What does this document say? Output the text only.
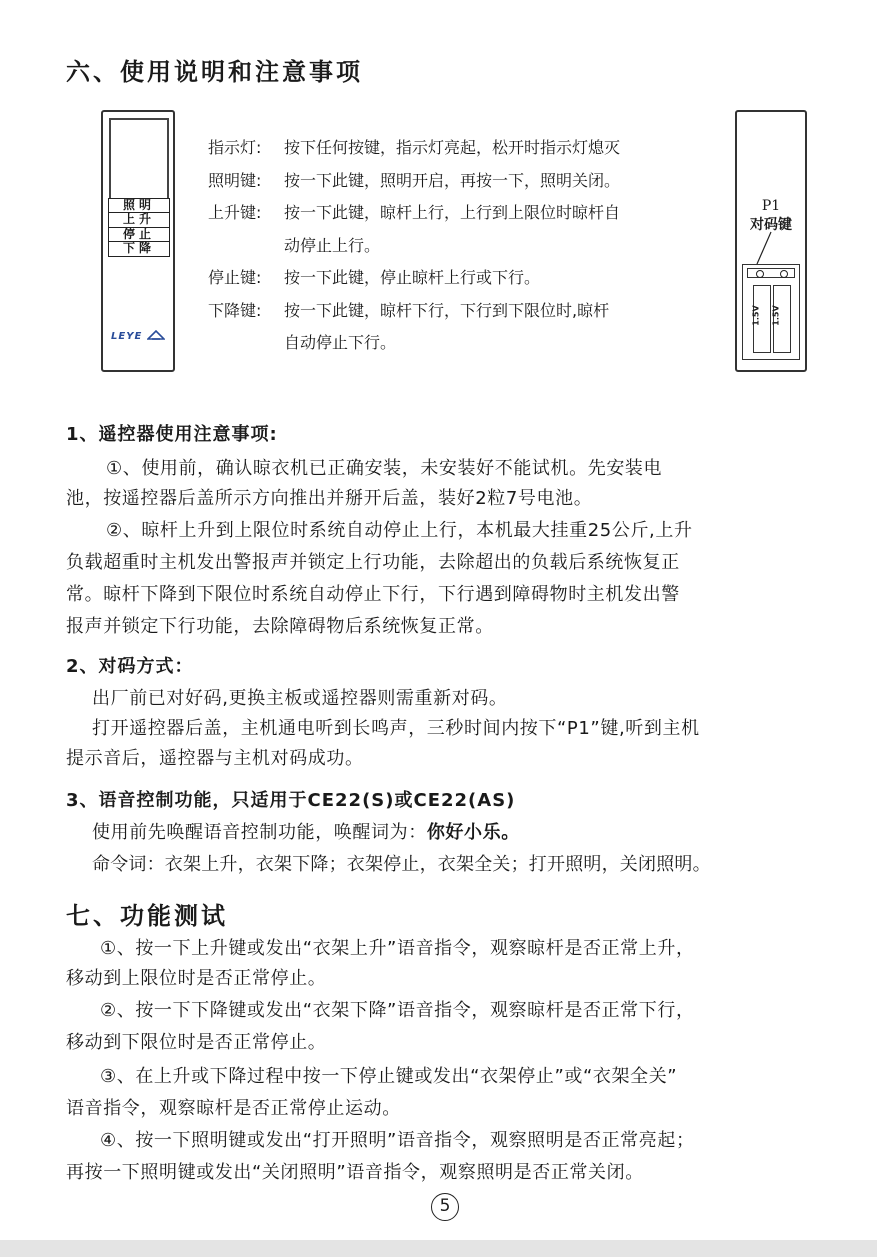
六、使用说明和注意事项
照明
上升
停止
下降
LEYE
指示灯: 按下任何按键，指示灯亮起，松开时指示灯熄灭
照明键: 按一下此键，照明开启，再按一下，照明关闭。
上升键: 按一下此键，晾杆上行，上行到上限位时晾杆自
动停止上行。
停止键: 按一下此键，停止晾杆上行或下行。
下降键: 按一下此键，晾杆下行，下行到下限位时,晾杆
自动停止下行。
P1
对码键
1.5V 1.5V
1、遥控器使用注意事项:
①、使用前，确认晾衣机已正确安装，未安装好不能试机。先安装电
池，按遥控器后盖所示方向推出并掰开后盖，装好2粒7号电池。
②、晾杆上升到上限位时系统自动停止上行，本机最大挂重25公斤,上升
负载超重时主机发出警报声并锁定上行功能，去除超出的负载后系统恢复正
常。晾杆下降到下限位时系统自动停止下行，下行遇到障碍物时主机发出警
报声并锁定下行功能，去除障碍物后系统恢复正常。
2、对码方式：
出厂前已对好码,更换主板或遥控器则需重新对码。
打开遥控器后盖，主机通电听到长鸣声，三秒时间内按下“P1”键,听到主机
提示音后，遥控器与主机对码成功。
3、语音控制功能，只适用于CE22(S)或CE22(AS)
使用前先唤醒语音控制功能，唤醒词为：你好小乐。
命令词：衣架上升，衣架下降；衣架停止，衣架全关；打开照明，关闭照明。
七、功能测试
①、按一下上升键或发出“衣架上升”语音指令，观察晾杆是否正常上升，
移动到上限位时是否正常停止。
②、按一下下降键或发出“衣架下降”语音指令，观察晾杆是否正常下行，
移动到下限位时是否正常停止。
③、在上升或下降过程中按一下停止键或发出“衣架停止”或“衣架全关”
语音指令，观察晾杆是否正常停止运动。
④、按一下照明键或发出“打开照明”语音指令，观察照明是否正常亮起；
再按一下照明键或发出“关闭照明”语音指令，观察照明是否正常关闭。
5
